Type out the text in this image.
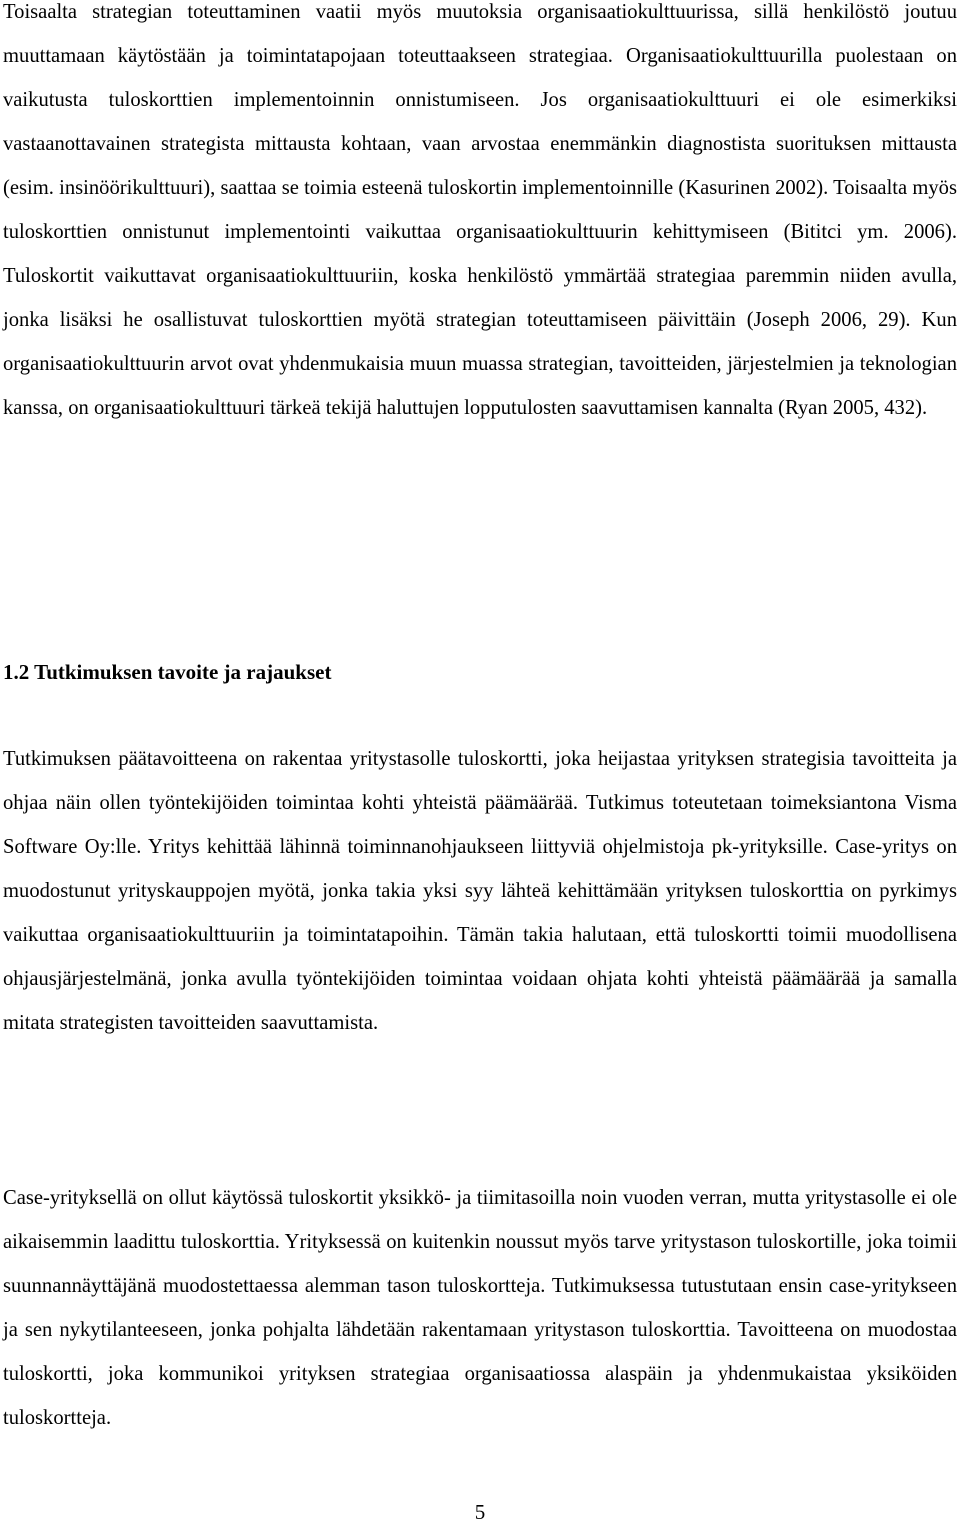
Toisaalta strategian toteuttaminen vaatii myös muutoksia organisaatiokulttuurissa, sillä henkilöstö joutuu muuttamaan käytöstään ja toimintatapojaan toteuttaakseen strategiaa. Organisaatiokulttuurilla puolestaan on vaikutusta tuloskorttien implementoinnin onnistumiseen. Jos organisaatiokulttuuri ei ole esimerkiksi vastaanottavainen strategista mittausta kohtaan, vaan arvostaa enemmänkin diagnostista suorituksen mittausta (esim. insinöörikulttuuri), saattaa se toimia esteenä tuloskortin implementoinnille (Kasurinen 2002). Toisaalta myös tuloskorttien onnistunut implementointi vaikuttaa organisaatiokulttuurin kehittymiseen (Bititci ym. 2006). Tuloskortit vaikuttavat organisaatiokulttuuriin, koska henkilöstö ymmärtää strategiaa paremmin niiden avulla, jonka lisäksi he osallistuvat tuloskorttien myötä strategian toteuttamiseen päivittäin (Joseph 2006, 29). Kun organisaatiokulttuurin arvot ovat yhdenmukaisia muun muassa strategian, tavoitteiden, järjestelmien ja teknologian kanssa, on organisaatiokulttuuri tärkeä tekijä haluttujen lopputulosten saavuttamisen kannalta (Ryan 2005, 432).

1.2 Tutkimuksen tavoite ja rajaukset

Tutkimuksen päätavoitteena on rakentaa yritystasolle tuloskortti, joka heijastaa yrityksen strategisia tavoitteita ja ohjaa näin ollen työntekijöiden toimintaa kohti yhteistä päämäärää. Tutkimus toteutetaan toimeksiantona Visma Software Oy:lle. Yritys kehittää lähinnä toiminnanohjaukseen liittyviä ohjelmistoja pk-yrityksille. Case-yritys on muodostunut yrityskauppojen myötä, jonka takia yksi syy lähteä kehittämään yrityksen tuloskorttia on pyrkimys vaikuttaa organisaatiokulttuuriin ja toimintatapoihin. Tämän takia halutaan, että tuloskortti toimii muodollisena ohjausjärjestelmänä, jonka avulla työntekijöiden toimintaa voidaan ohjata kohti yhteistä päämäärää ja samalla mitata strategisten tavoitteiden saavuttamista.

Case-yrityksellä on ollut käytössä tuloskortit yksikkö- ja tiimitasoilla noin vuoden verran, mutta yritystasolle ei ole aikaisemmin laadittu tuloskorttia. Yrityksessä on kuitenkin noussut myös tarve yritystason tuloskortille, joka toimii suunnannäyttäjänä muodostettaessa alemman tason tuloskortteja. Tutkimuksessa tutustutaan ensin case-yritykseen ja sen nykytilanteeseen, jonka pohjalta lähdetään rakentamaan yritystason tuloskorttia. Tavoitteena on muodostaa tuloskortti, joka kommunikoi yrityksen strategiaa organisaatiossa alaspäin ja yhdenmukaistaa yksiköiden tuloskortteja.

5
